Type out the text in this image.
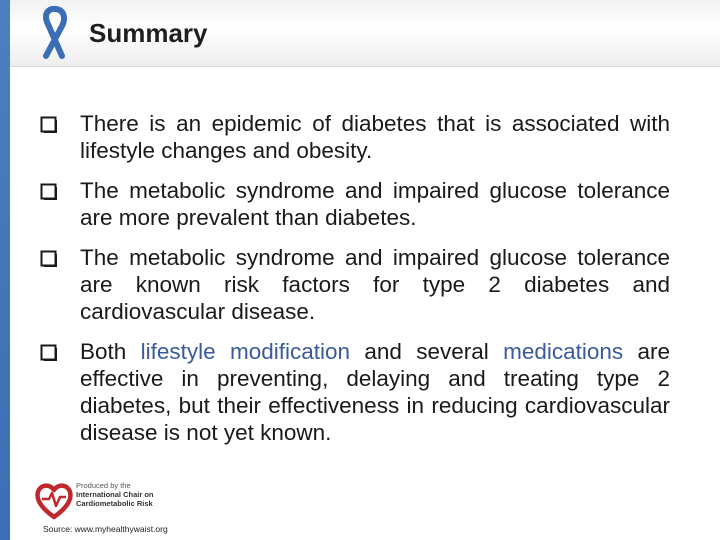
Summary
There is an epidemic of diabetes that is associated with lifestyle changes and obesity.
The metabolic syndrome and impaired glucose tolerance are more prevalent than diabetes.
The metabolic syndrome and impaired glucose tolerance are known risk factors for type 2 diabetes and cardiovascular disease.
Both lifestyle modification and several medications are effective in preventing, delaying and treating type 2 diabetes, but their effectiveness in reducing cardiovascular disease is not yet known.
Produced by the
International Chair on
Cardiometabolic Risk
Source: www.myhealthywaist.org
